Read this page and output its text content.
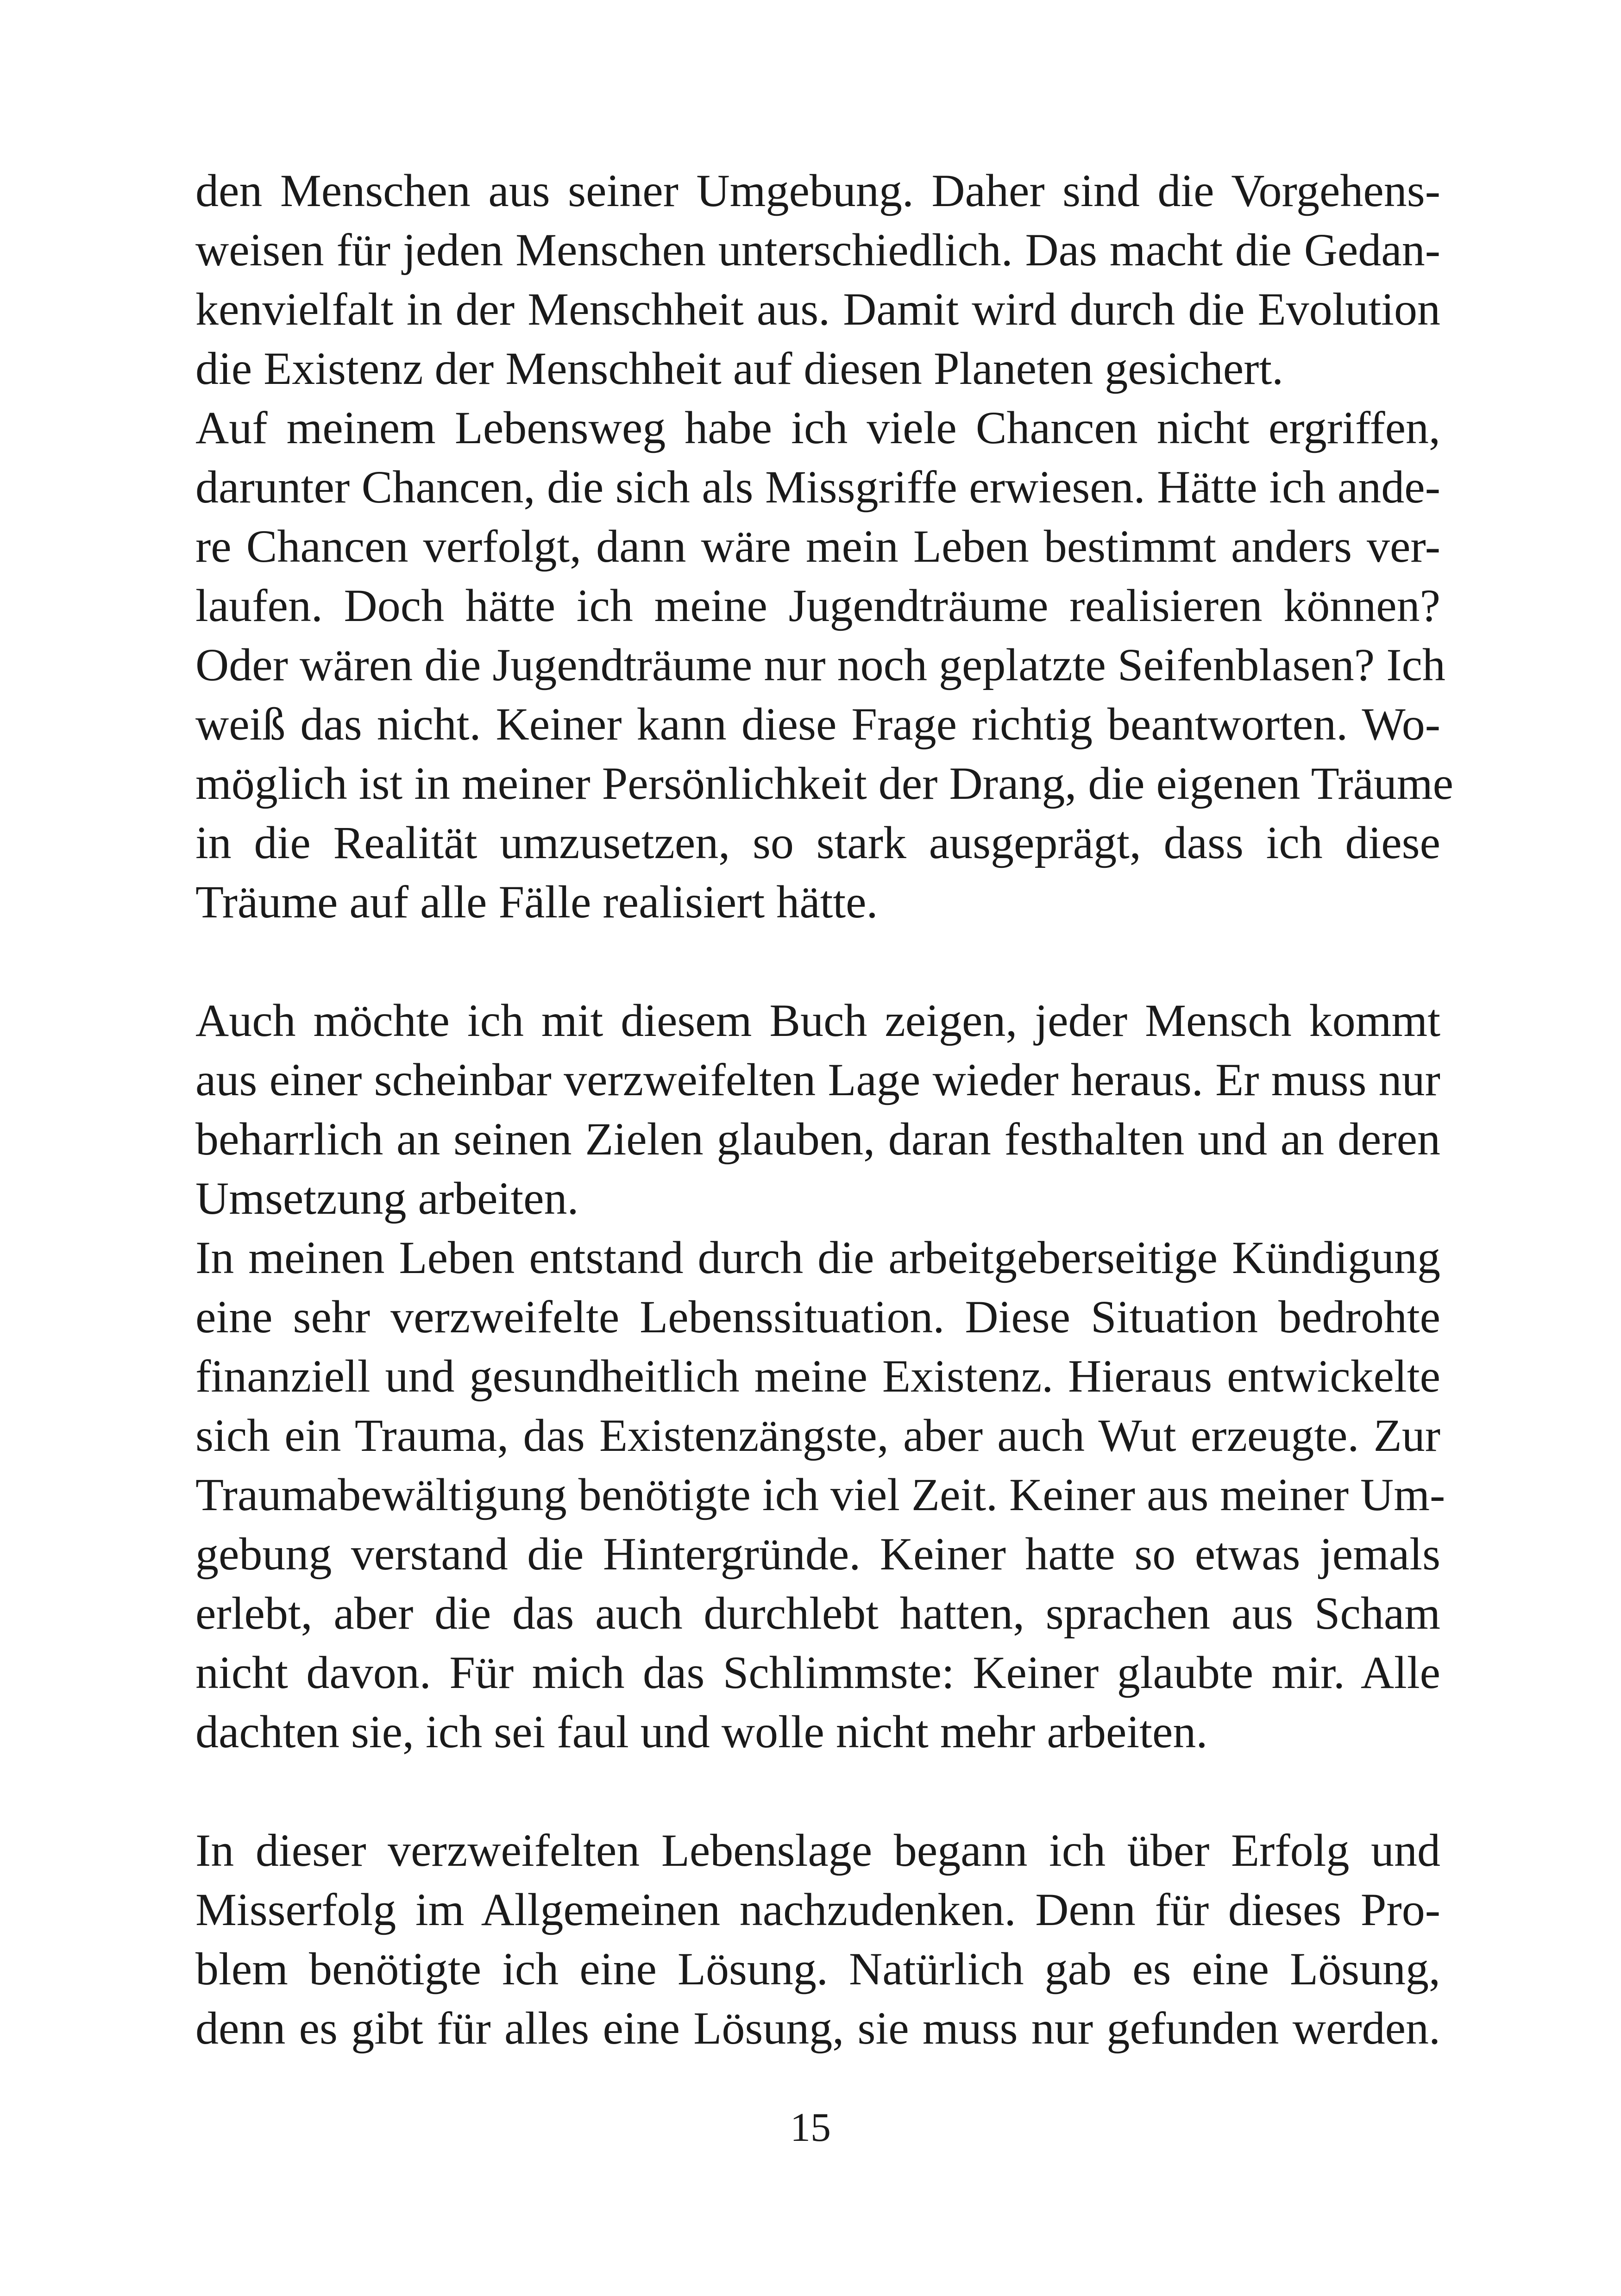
den Menschen aus seiner Umgebung. Daher sind die Vorgehens-
weisen für jeden Menschen unterschiedlich. Das macht die Gedan-
kenvielfalt in der Menschheit aus. Damit wird durch die Evolution
die Existenz der Menschheit auf diesen Planeten gesichert.
Auf meinem Lebensweg habe ich viele Chancen nicht ergriffen,
darunter Chancen, die sich als Missgriffe erwiesen. Hätte ich ande-
re Chancen verfolgt, dann wäre mein Leben bestimmt anders ver-
laufen. Doch hätte ich meine Jugendträume realisieren können?
Oder wären die Jugendträume nur noch geplatzte Seifenblasen? Ich
weiß das nicht. Keiner kann diese Frage richtig beantworten. Wo-
möglich ist in meiner Persönlichkeit der Drang, die eigenen Träume
in die Realität umzusetzen, so stark ausgeprägt, dass ich diese
Träume auf alle Fälle realisiert hätte.
Auch möchte ich mit diesem Buch zeigen, jeder Mensch kommt
aus einer scheinbar verzweifelten Lage wieder heraus. Er muss nur
beharrlich an seinen Zielen glauben, daran festhalten und an deren
Umsetzung arbeiten.
In meinen Leben entstand durch die arbeitgeberseitige Kündigung
eine sehr verzweifelte Lebenssituation. Diese Situation bedrohte
finanziell und gesundheitlich meine Existenz. Hieraus entwickelte
sich ein Trauma, das Existenzängste, aber auch Wut erzeugte. Zur
Traumabewältigung benötigte ich viel Zeit. Keiner aus meiner Um-
gebung verstand die Hintergründe. Keiner hatte so etwas jemals
erlebt, aber die das auch durchlebt hatten, sprachen aus Scham
nicht davon. Für mich das Schlimmste: Keiner glaubte mir. Alle
dachten sie, ich sei faul und wolle nicht mehr arbeiten.
In dieser verzweifelten Lebenslage begann ich über Erfolg und
Misserfolg im Allgemeinen nachzudenken. Denn für dieses Pro-
blem benötigte ich eine Lösung. Natürlich gab es eine Lösung,
denn es gibt für alles eine Lösung, sie muss nur gefunden werden.
15
